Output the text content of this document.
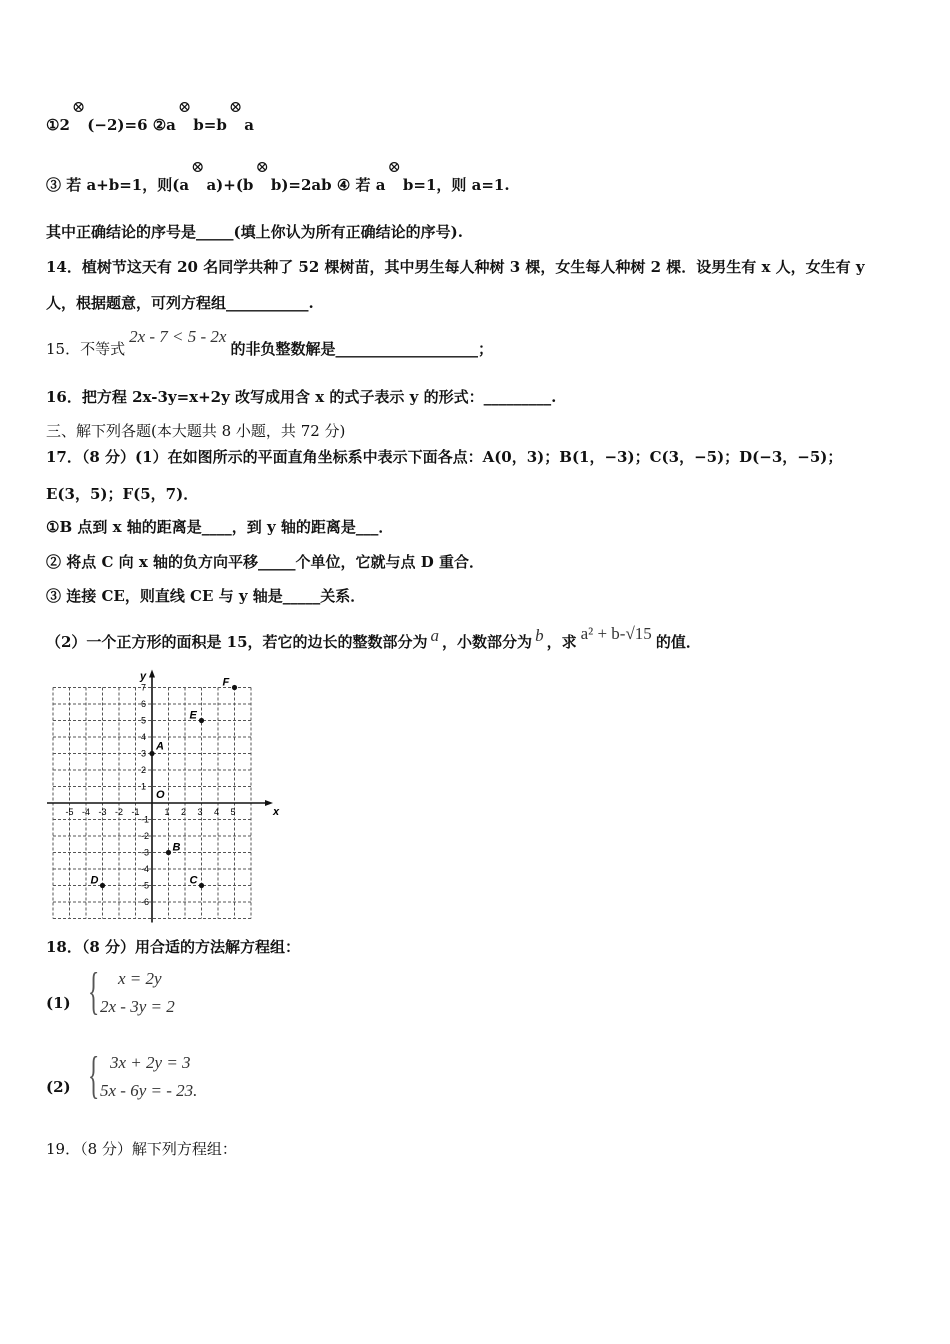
①2⊗(−2)=6 ②a⊗b=b⊗a
③ 若 a+b=1，则(a⊗a)+(b⊗b)=2ab ④ 若 a⊗b=1，则 a=1.
其中正确结论的序号是_____(填上你认为所有正确结论的序号).
14．植树节这天有 20 名同学共种了 52 棵树苗，其中男生每人种树 3 棵，女生每人种树 2 棵．设男生有 x 人，女生有 y
人，根据题意，可列方程组___________.
15．不等式2x - 7 < 5 - 2x的非负整数解是___________________；
16．把方程 2x-3y=x+2y 改写成用含 x 的式子表示 y 的形式：_________.
三、解下列各题(本大题共 8 小题，共 72 分)
17．（8 分）(1）在如图所示的平面直角坐标系中表示下面各点：A(0，3)；B(1，−3)；C(3，−5)；D(−3，−5)；
E(3，5)；F(5，7)．
①B 点到 x 轴的距离是____，到 y 轴的距离是___．
② 将点 C 向 x 轴的负方向平移_____个单位，它就与点 D 重合．
③ 连接 CE，则直线 CE 与 y 轴是_____关系．
（2）一个正方形的面积是 15，若它的边长的整数部分为 a ，小数部分为 b ，求 a² + b-√15 的值．
x
y
O
-5 -4 -3 -2 -1	1 2 3 4 5
7
6
5
4
3
2
1
-1
-2
-3
-4
-5
-6
A
B
C
D
E
F
18．（8 分）用合适的方法解方程组：
(1) { x = 2y
2x - 3y = 2
(2) { 3x + 2y = 3
5x - 6y = - 23.
19．（8 分）解下列方程组：
